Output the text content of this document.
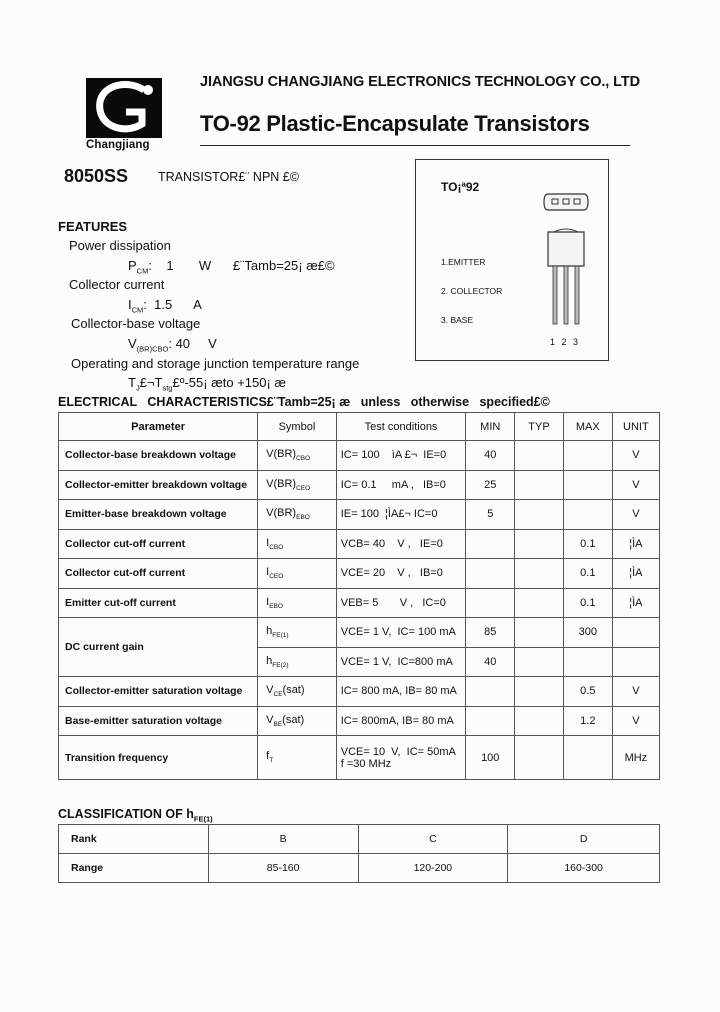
Changjiang
JIANGSU CHANGJIANG ELECTRONICS TECHNOLOGY CO., LTD
TO-92 Plastic-Encapsulate Transistors
8050SS TRANSISTOR£¨ NPN £©
TO¡ª92
1.EMITTER
2. COLLECTOR
3. BASE
1 2 3
FEATURES
Power dissipation
$P_{CM}$:    1       W      £¨Tamb=25¡ æ£©
Collector current
$I_{CM}$:  1.5      A
Collector-base voltage
$V_{(BR)CBO}$: 40     V
Operating and storage junction temperature range
$T_J£\neg T_{stg}£º-55¡$ æto +150¡ æ
ELECTRICAL   CHARACTERISTICS£¨Tamb=25¡ æ   unless   otherwise   specified£©
Parameter	Symbol	Test conditions	MIN	TYP	MAX	UNIT
Collector-base breakdown voltage	$V(BR)_{CBO}$	IC= 100    ìA £¬  IE=0	40			V
Collector-emitter breakdown voltage	$V(BR)_{CEO}$	IC= 0.1     mA ,   IB=0	25			V
Emitter-base breakdown voltage	$V(BR)_{EBO}$	IE= 100  ¦ÌA£¬ IC=0	5			V
Collector cut-off current	$I_{CBO}$	VCB= 40    V ,   IE=0			0.1	¦ÌA
Collector cut-off current	$I_{CEO}$	VCE= 20    V ,   IB=0			0.1	¦ÌA
Emitter cut-off current	$I_{EBO}$	VEB= 5       V ,   IC=0			0.1	¦ÌA
DC current gain	$h_{FE(1)}$	VCE= 1 V,  IC= 100 mA	85		300	
	$h_{FE(2)}$	VCE= 1 V,  IC=800 mA	40			
Collector-emitter saturation voltage	$V_{CE}(sat)$	IC= 800 mA, IB= 80 mA			0.5	V
Base-emitter saturation voltage	$V_{BE}(sat)$	IC= 800mA, IB= 80 mA			1.2	V
Transition frequency	$f_T$	VCE= 10  V,  IC= 50mA
f =30 MHz	100			MHz
CLASSIFICATION OF $h_{FE(1)}$
Rank	B	C	D
Range	85-160	120-200	160-300
